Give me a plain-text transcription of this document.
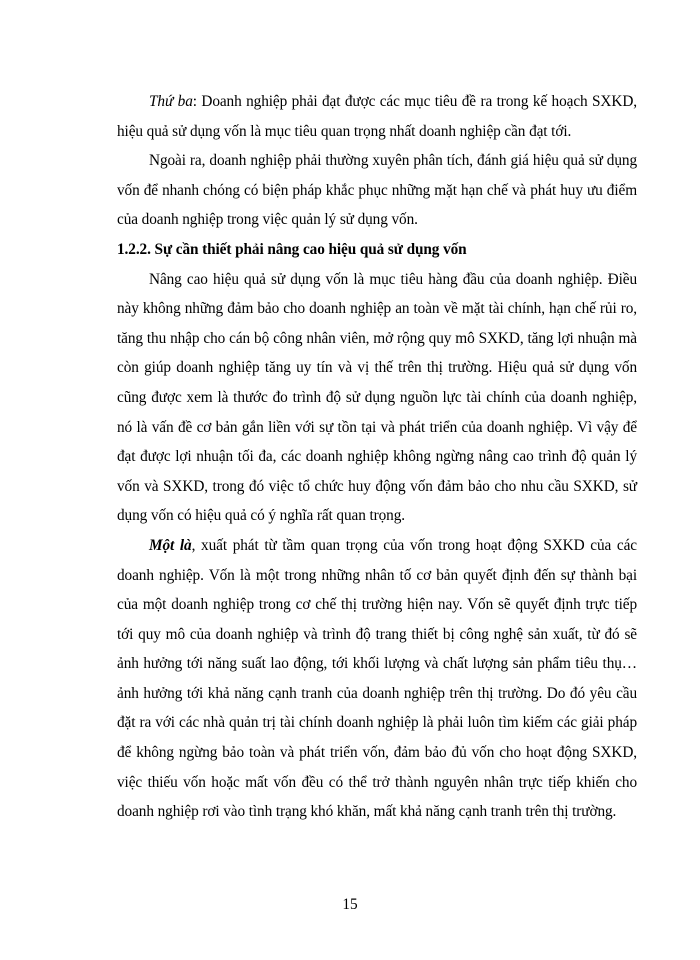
Thứ ba: Doanh nghiệp phải đạt được các mục tiêu đề ra trong kế hoạch SXKD, hiệu quả sử dụng vốn là mục tiêu quan trọng nhất doanh nghiệp cần đạt tới.

Ngoài ra, doanh nghiệp phải thường xuyên phân tích, đánh giá hiệu quả sử dụng vốn để nhanh chóng có biện pháp khắc phục những mặt hạn chế và phát huy ưu điểm của doanh nghiệp trong việc quản lý sử dụng vốn.

1.2.2. Sự cần thiết phải nâng cao hiệu quả sử dụng vốn

Nâng cao hiệu quả sử dụng vốn là mục tiêu hàng đầu của doanh nghiệp. Điều này không những đảm bảo cho doanh nghiệp an toàn về mặt tài chính, hạn chế rủi ro, tăng thu nhập cho cán bộ công nhân viên, mở rộng quy mô SXKD, tăng lợi nhuận mà còn giúp doanh nghiệp tăng uy tín và vị thế trên thị trường. Hiệu quả sử dụng vốn cũng được xem là thước đo trình độ sử dụng nguồn lực tài chính của doanh nghiệp, nó là vấn đề cơ bản gắn liền với sự tồn tại và phát triển của doanh nghiệp. Vì vậy để đạt được lợi nhuận tối đa, các doanh nghiệp không ngừng nâng cao trình độ quản lý vốn và SXKD, trong đó việc tổ chức huy động vốn đảm bảo cho nhu cầu SXKD, sử dụng vốn có hiệu quả có ý nghĩa rất quan trọng.

Một là, xuất phát từ tầm quan trọng của vốn trong hoạt động SXKD của các doanh nghiệp. Vốn là một trong những nhân tố cơ bản quyết định đến sự thành bại của một doanh nghiệp trong cơ chế thị trường hiện nay. Vốn sẽ quyết định trực tiếp tới quy mô của doanh nghiệp và trình độ trang thiết bị công nghệ sản xuất, từ đó sẽ ảnh hưởng tới năng suất lao động, tới khối lượng và chất lượng sản phẩm tiêu thụ…ảnh hưởng tới khả năng cạnh tranh của doanh nghiệp trên thị trường. Do đó yêu cầu đặt ra với các nhà quản trị tài chính doanh nghiệp là phải luôn tìm kiếm các giải pháp để không ngừng bảo toàn và phát triển vốn, đảm bảo đủ vốn cho hoạt động SXKD, việc thiếu vốn hoặc mất vốn đều có thể trở thành nguyên nhân trực tiếp khiến cho doanh nghiệp rơi vào tình trạng khó khăn, mất khả năng cạnh tranh trên thị trường.

15
